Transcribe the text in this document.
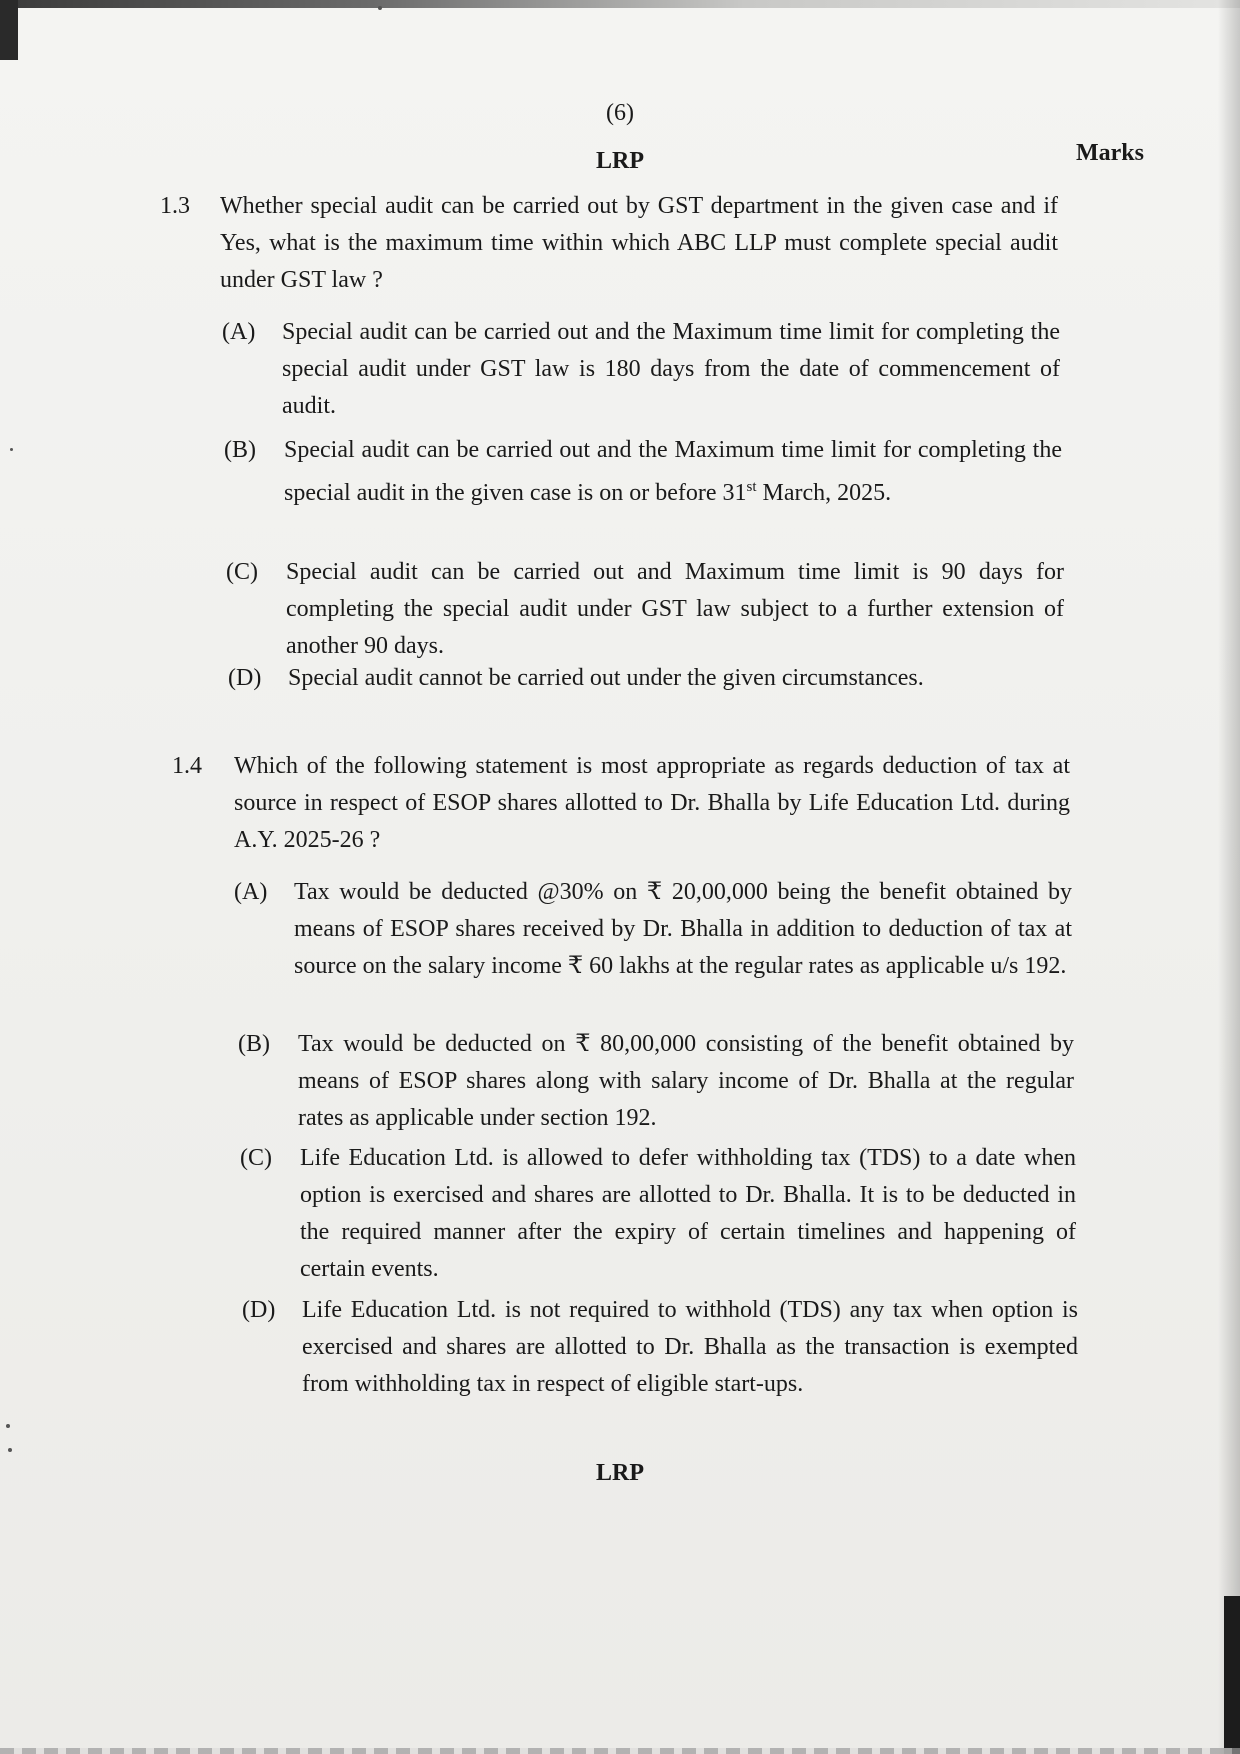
(6)
LRP	Marks
1.3 Whether special audit can be carried out by GST department in the given case and if Yes, what is the maximum time within which ABC LLP must complete special audit under GST law ?
(A) Special audit can be carried out and the Maximum time limit for completing the special audit under GST law is 180 days from the date of commencement of audit.
(B) Special audit can be carried out and the Maximum time limit for completing the special audit in the given case is on or before 31st March, 2025.
(C) Special audit can be carried out and Maximum time limit is 90 days for completing the special audit under GST law subject to a further extension of another 90 days.
(D) Special audit cannot be carried out under the given circumstances.
1.4 Which of the following statement is most appropriate as regards deduction of tax at source in respect of ESOP shares allotted to Dr. Bhalla by Life Education Ltd. during A.Y. 2025-26 ?
(A) Tax would be deducted @30% on ₹ 20,00,000 being the benefit obtained by means of ESOP shares received by Dr. Bhalla in addition to deduction of tax at source on the salary income ₹ 60 lakhs at the regular rates as applicable u/s 192.
(B) Tax would be deducted on ₹ 80,00,000 consisting of the benefit obtained by means of ESOP shares along with salary income of Dr. Bhalla at the regular rates as applicable under section 192.
(C) Life Education Ltd. is allowed to defer withholding tax (TDS) to a date when option is exercised and shares are allotted to Dr. Bhalla. It is to be deducted in the required manner after the expiry of certain timelines and happening of certain events.
(D) Life Education Ltd. is not required to withhold (TDS) any tax when option is exercised and shares are allotted to Dr. Bhalla as the transaction is exempted from withholding tax in respect of eligible start-ups.
LRP
